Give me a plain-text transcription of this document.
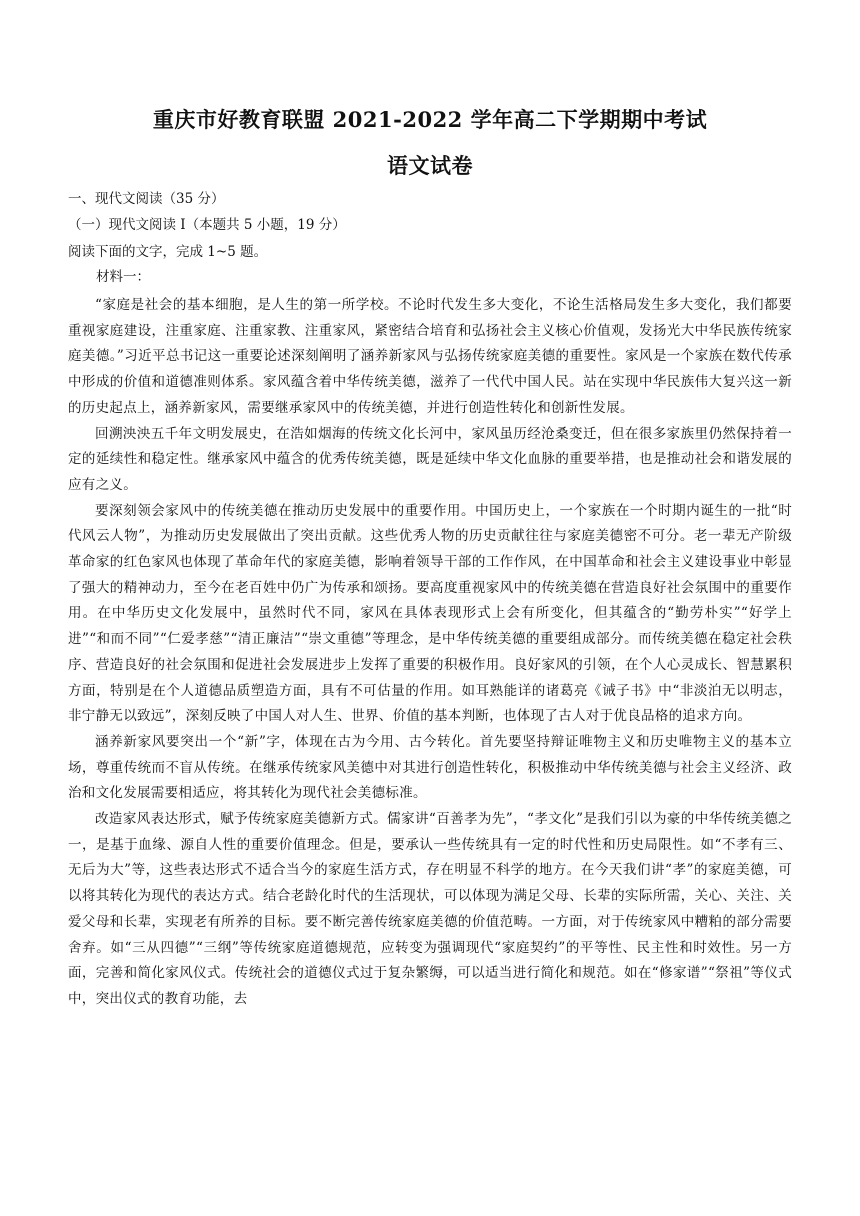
重庆市好教育联盟 2021-2022 学年高二下学期期中考试
语文试卷
一、现代文阅读（35 分）
（一）现代文阅读 I（本题共 5 小题，19 分）
阅读下面的文字，完成 1~5 题。
材料一：

“家庭是社会的基本细胞，是人生的第一所学校。不论时代发生多大变化，不论生活格局发生多大变化，我们都要重视家庭建设，注重家庭、注重家教、注重家风，紧密结合培育和弘扬社会主义核心价值观，发扬光大中华民族传统家庭美德。”习近平总书记这一重要论述深刻阐明了涵养新家风与弘扬传统家庭美德的重要性。家风是一个家族在数代传承中形成的价值和道德准则体系。家风蕴含着中华传统美德，滋养了一代代中国人民。站在实现中华民族伟大复兴这一新的历史起点上，涵养新家风，需要继承家风中的传统美德，并进行创造性转化和创新性发展。

回溯泱泱五千年文明发展史，在浩如烟海的传统文化长河中，家风虽历经沧桑变迁，但在很多家族里仍然保持着一定的延续性和稳定性。继承家风中蕴含的优秀传统美德，既是延续中华文化血脉的重要举措，也是推动社会和谐发展的应有之义。

要深刻领会家风中的传统美德在推动历史发展中的重要作用。中国历史上，一个家族在一个时期内诞生的一批“时代风云人物”，为推动历史发展做出了突出贡献。这些优秀人物的历史贡献往往与家庭美德密不可分。老一辈无产阶级革命家的红色家风也体现了革命年代的家庭美德，影响着领导干部的工作作风，在中国革命和社会主义建设事业中彰显了强大的精神动力，至今在老百姓中仍广为传承和颂扬。要高度重视家风中的传统美德在营造良好社会氛围中的重要作用。在中华历史文化发展中，虽然时代不同，家风在具体表现形式上会有所变化，但其蕴含的“勤劳朴实”“好学上进”“和而不同”“仁爱孝慈”“清正廉洁”“崇文重德”等理念，是中华传统美德的重要组成部分。而传统美德在稳定社会秩序、营造良好的社会氛围和促进社会发展进步上发挥了重要的积极作用。良好家风的引领，在个人心灵成长、智慧累积方面，特别是在个人道德品质塑造方面，具有不可估量的作用。如耳熟能详的诸葛亮《诫子书》中“非淡泊无以明志，非宁静无以致远”，深刻反映了中国人对人生、世界、价值的基本判断，也体现了古人对于优良品格的追求方向。

涵养新家风要突出一个“新”字，体现在古为今用、古今转化。首先要坚持辩证唯物主义和历史唯物主义的基本立场，尊重传统而不盲从传统。在继承传统家风美德中对其进行创造性转化，积极推动中华传统美德与社会主义经济、政治和文化发展需要相适应，将其转化为现代社会美德标准。

改造家风表达形式，赋予传统家庭美德新方式。儒家讲“百善孝为先”，“孝文化”是我们引以为豪的中华传统美德之一，是基于血缘、源自人性的重要价值理念。但是，要承认一些传统具有一定的时代性和历史局限性。如“不孝有三、无后为大”等，这些表达形式不适合当今的家庭生活方式，存在明显不科学的地方。在今天我们讲“孝”的家庭美德，可以将其转化为现代的表达方式。结合老龄化时代的生活现状，可以体现为满足父母、长辈的实际所需，关心、关注、关爱父母和长辈，实现老有所养的目标。要不断完善传统家庭美德的价值范畴。一方面，对于传统家风中糟粕的部分需要舍弃。如“三从四德”“三纲”等传统家庭道德规范，应转变为强调现代“家庭契约”的平等性、民主性和时效性。另一方面，完善和简化家风仪式。传统社会的道德仪式过于复杂繁缛，可以适当进行简化和规范。如在“修家谱”“祭祖”等仪式中，突出仪式的教育功能，去
